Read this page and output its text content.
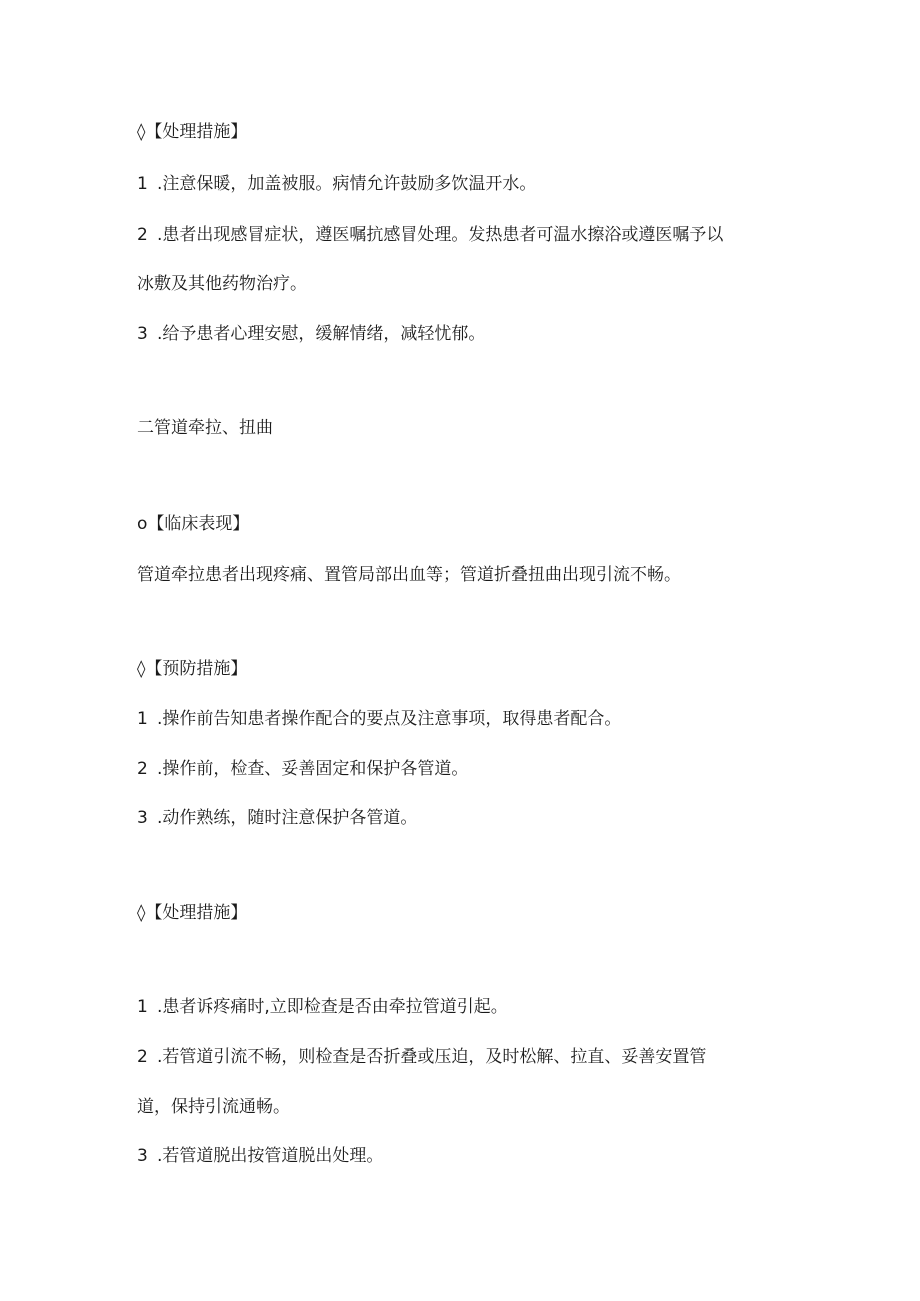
◊【处理措施】

1 .注意保暖，加盖被服。病情允许鼓励多饮温开水。

2 .患者出现感冒症状，遵医嘱抗感冒处理。发热患者可温水擦浴或遵医嘱予以

冰敷及其他药物治疗。

3 .给予患者心理安慰，缓解情绪，减轻忧郁。

二管道牵拉、扭曲

o【临床表现】

管道牵拉患者出现疼痛、置管局部出血等；管道折叠扭曲出现引流不畅。

◊【预防措施】

1 .操作前告知患者操作配合的要点及注意事项，取得患者配合。

2 .操作前，检查、妥善固定和保护各管道。

3 .动作熟练，随时注意保护各管道。

◊【处理措施】

1 .患者诉疼痛时,立即检查是否由牵拉管道引起。

2 .若管道引流不畅，则检查是否折叠或压迫，及时松解、拉直、妥善安置管

道，保持引流通畅。

3 .若管道脱出按管道脱出处理。
